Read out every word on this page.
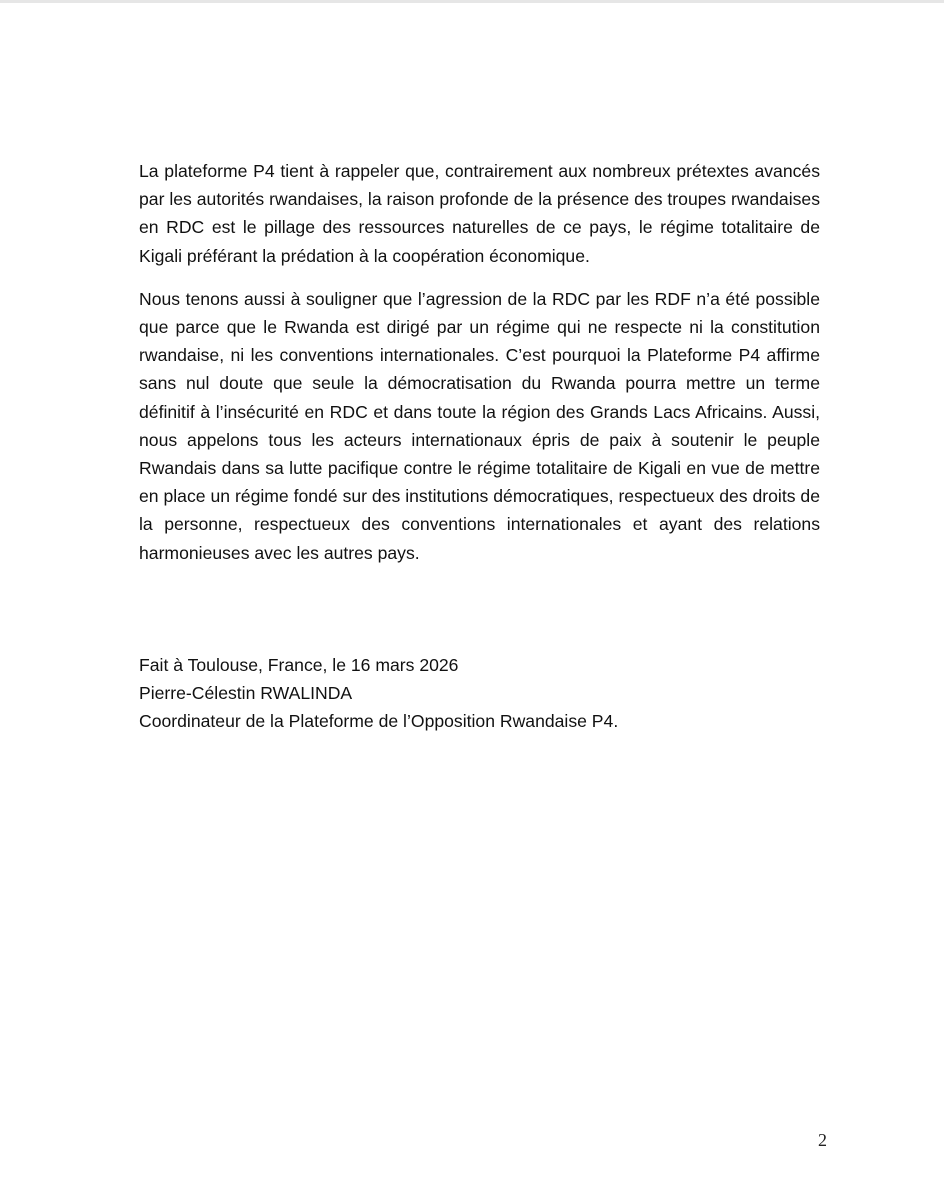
La plateforme P4 tient à rappeler que, contrairement aux nombreux prétextes avancés par les autorités rwandaises, la raison profonde de la présence des troupes rwandaises en RDC est le pillage des ressources naturelles de ce pays, le régime totalitaire de Kigali préférant la prédation à la coopération économique.

Nous tenons aussi à souligner que l’agression de la RDC par les RDF n’a été possible que parce que le Rwanda est dirigé par un régime qui ne respecte ni la constitution rwandaise, ni les conventions internationales. C’est pourquoi la Plateforme P4 affirme sans nul doute que seule la démocratisation du Rwanda pourra mettre un terme définitif à l’insécurité en RDC et dans toute la région des Grands Lacs Africains. Aussi, nous appelons tous les acteurs internationaux épris de paix à soutenir le peuple Rwandais dans sa lutte pacifique contre le régime totalitaire de Kigali en vue de mettre en place un régime fondé sur des institutions démocratiques, respectueux des droits de la personne, respectueux des conventions internationales et ayant des relations harmonieuses avec les autres pays.

Fait à Toulouse, France, le 16 mars 2026
Pierre-Célestin RWALINDA
Coordinateur de la Plateforme de l’Opposition Rwandaise P4.
2
